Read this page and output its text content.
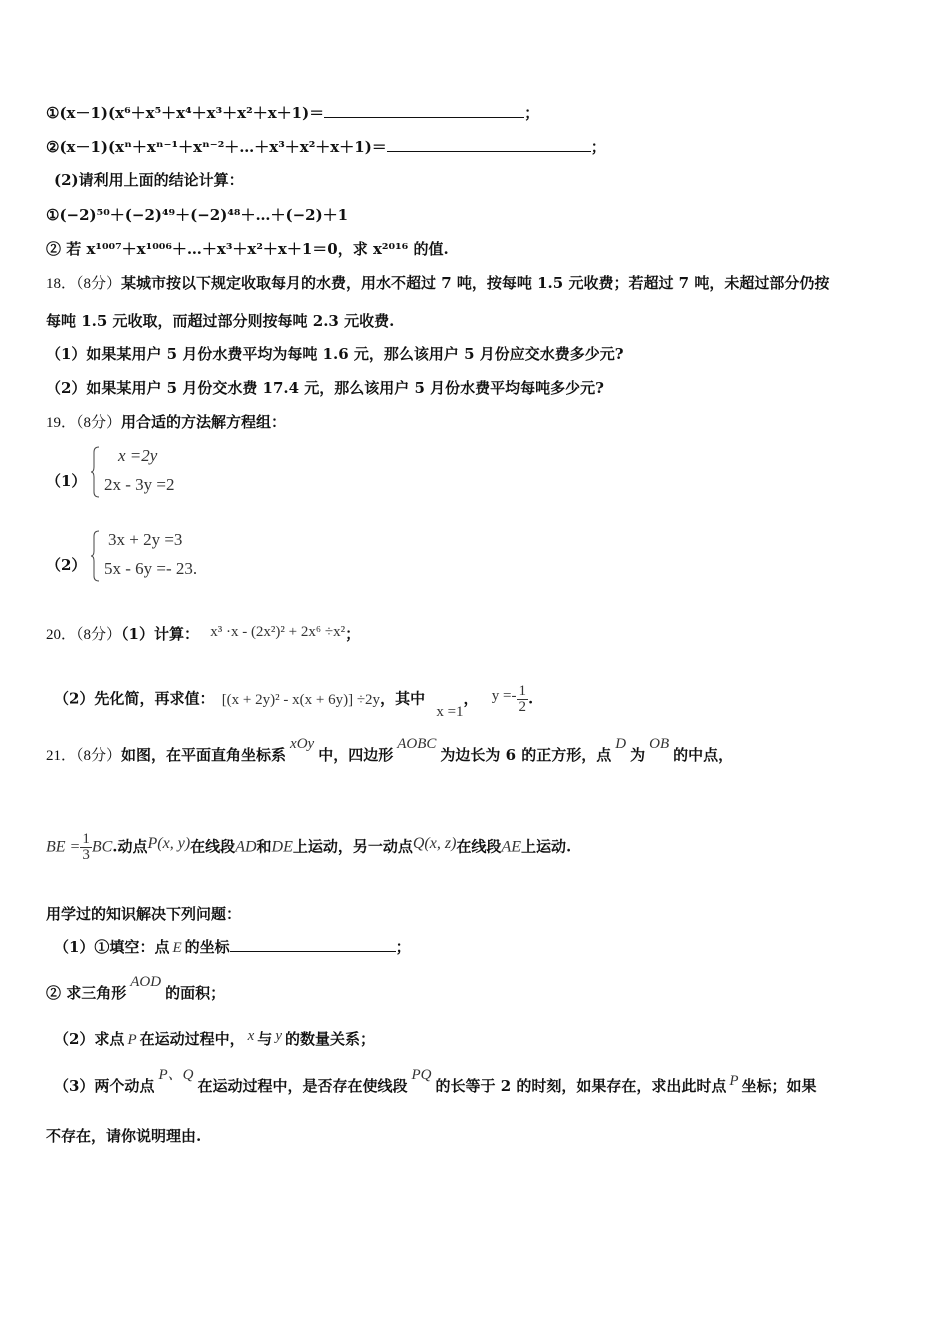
①(x－1)(x⁶＋x⁵＋x⁴＋x³＋x²＋x＋1)＝	；
②(x－1)(xⁿ＋xⁿ⁻¹＋xⁿ⁻²＋…＋x³＋x²＋x＋1)＝	；
(2)请利用上面的结论计算：
①(−2)⁵⁰＋(−2)⁴⁹＋(−2)⁴⁸＋…＋(−2)＋1
② 若 x¹⁰⁰⁷＋x¹⁰⁰⁶＋…＋x³＋x²＋x＋1＝0，求 x²⁰¹⁶ 的值.
18．（8分）某城市按以下规定收取每月的水费，用水不超过 7 吨，按每吨 1.5 元收费；若超过 7 吨，未超过部分仍按
每吨 1.5 元收取，而超过部分则按每吨 2.3 元收费.
（1）如果某用户 5 月份水费平均为每吨 1.6 元，那么该用户 5 月份应交水费多少元?
（2）如果某用户 5 月份交水费 17.4 元，那么该用户 5 月份水费平均每吨多少元?
19．（8分）用合适的方法解方程组：
（1）
x =2y
2x - 3y =2
（2）
3x + 2y =3
5x - 6y =- 23.
20．（8分）（1）计算： x³ ·x - (2x²)² + 2x⁶ ÷x²；
（2）先化简，再求值： [(x + 2y)² - x(x + 6y)] ÷2y，其中 x =1， $y =- \frac{1}{2}$ .
21．（8分）如图，在平面直角坐标系xOy中，四边形AOBC为边长为 6 的正方形，点D为OB的中点，
BE = $\frac{1}{3}$ BC.动点P(x, y)在线段AD和DE上运动，另一动点Q(x, z)在线段AE上运动.
用学过的知识解决下列问题：
（1）①填空：点 E 的坐标	；
② 求三角形AOD的面积；
（2）求点 P 在运动过程中， x 与 y 的数量关系；
（3）两个动点P、Q在运动过程中，是否存在使线段PQ的长等于 2 的时刻，如果存在，求出此时点 P 坐标；如果
不存在，请你说明理由.
